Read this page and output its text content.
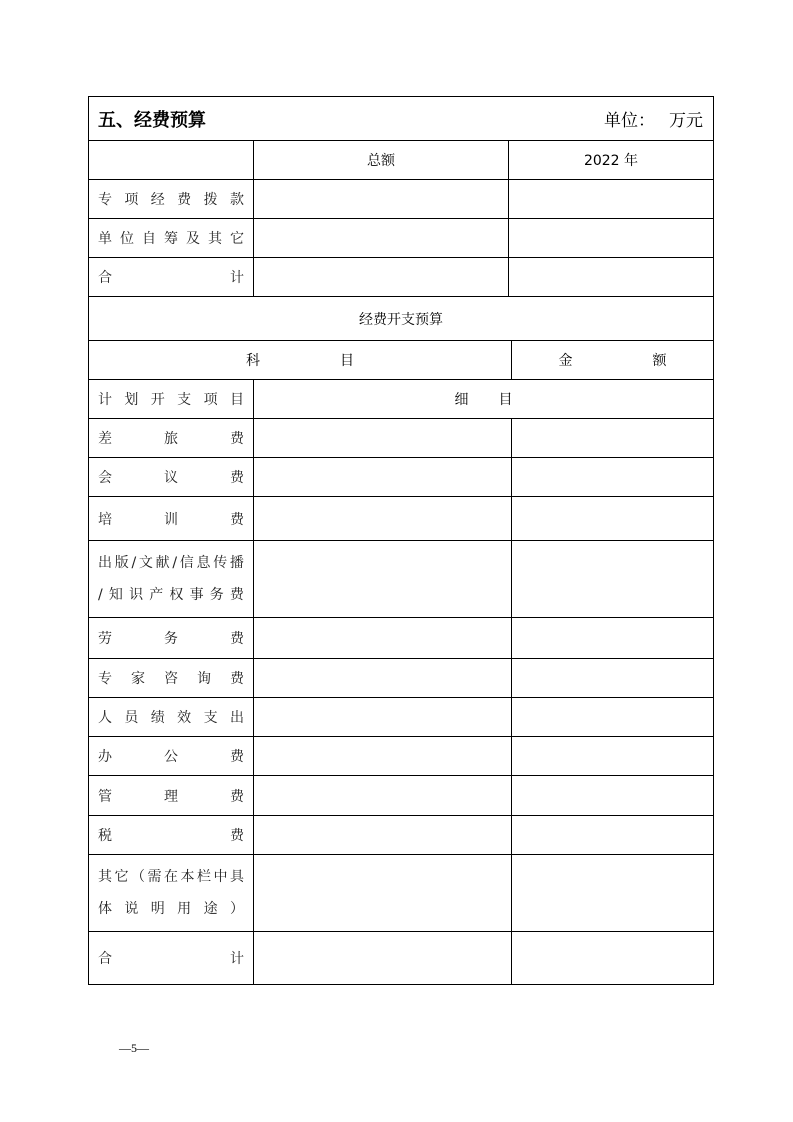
五、经费预算 单位： 万元			

	总额	2022 年	

专 项 经 费 拨 款

单 位 自 筹 及 其 它

合 计			

经费开支预算			

科 目			金 额

计 划 开 支 项 目	细 目

差 旅 费			

会 议 费			

培 训 费			

出 版 / 文 献 / 信 息 传 播
/ 知 识 产 权 事 务 费

劳 务 费			

专 家 咨 询 费			

人 员 绩 效 支 出

办 公 费			

管 理 费			

税 费			

其 它 （ 需 在 本 栏 中 具
体 说 明 用 途 ）

合 计			

—5—
